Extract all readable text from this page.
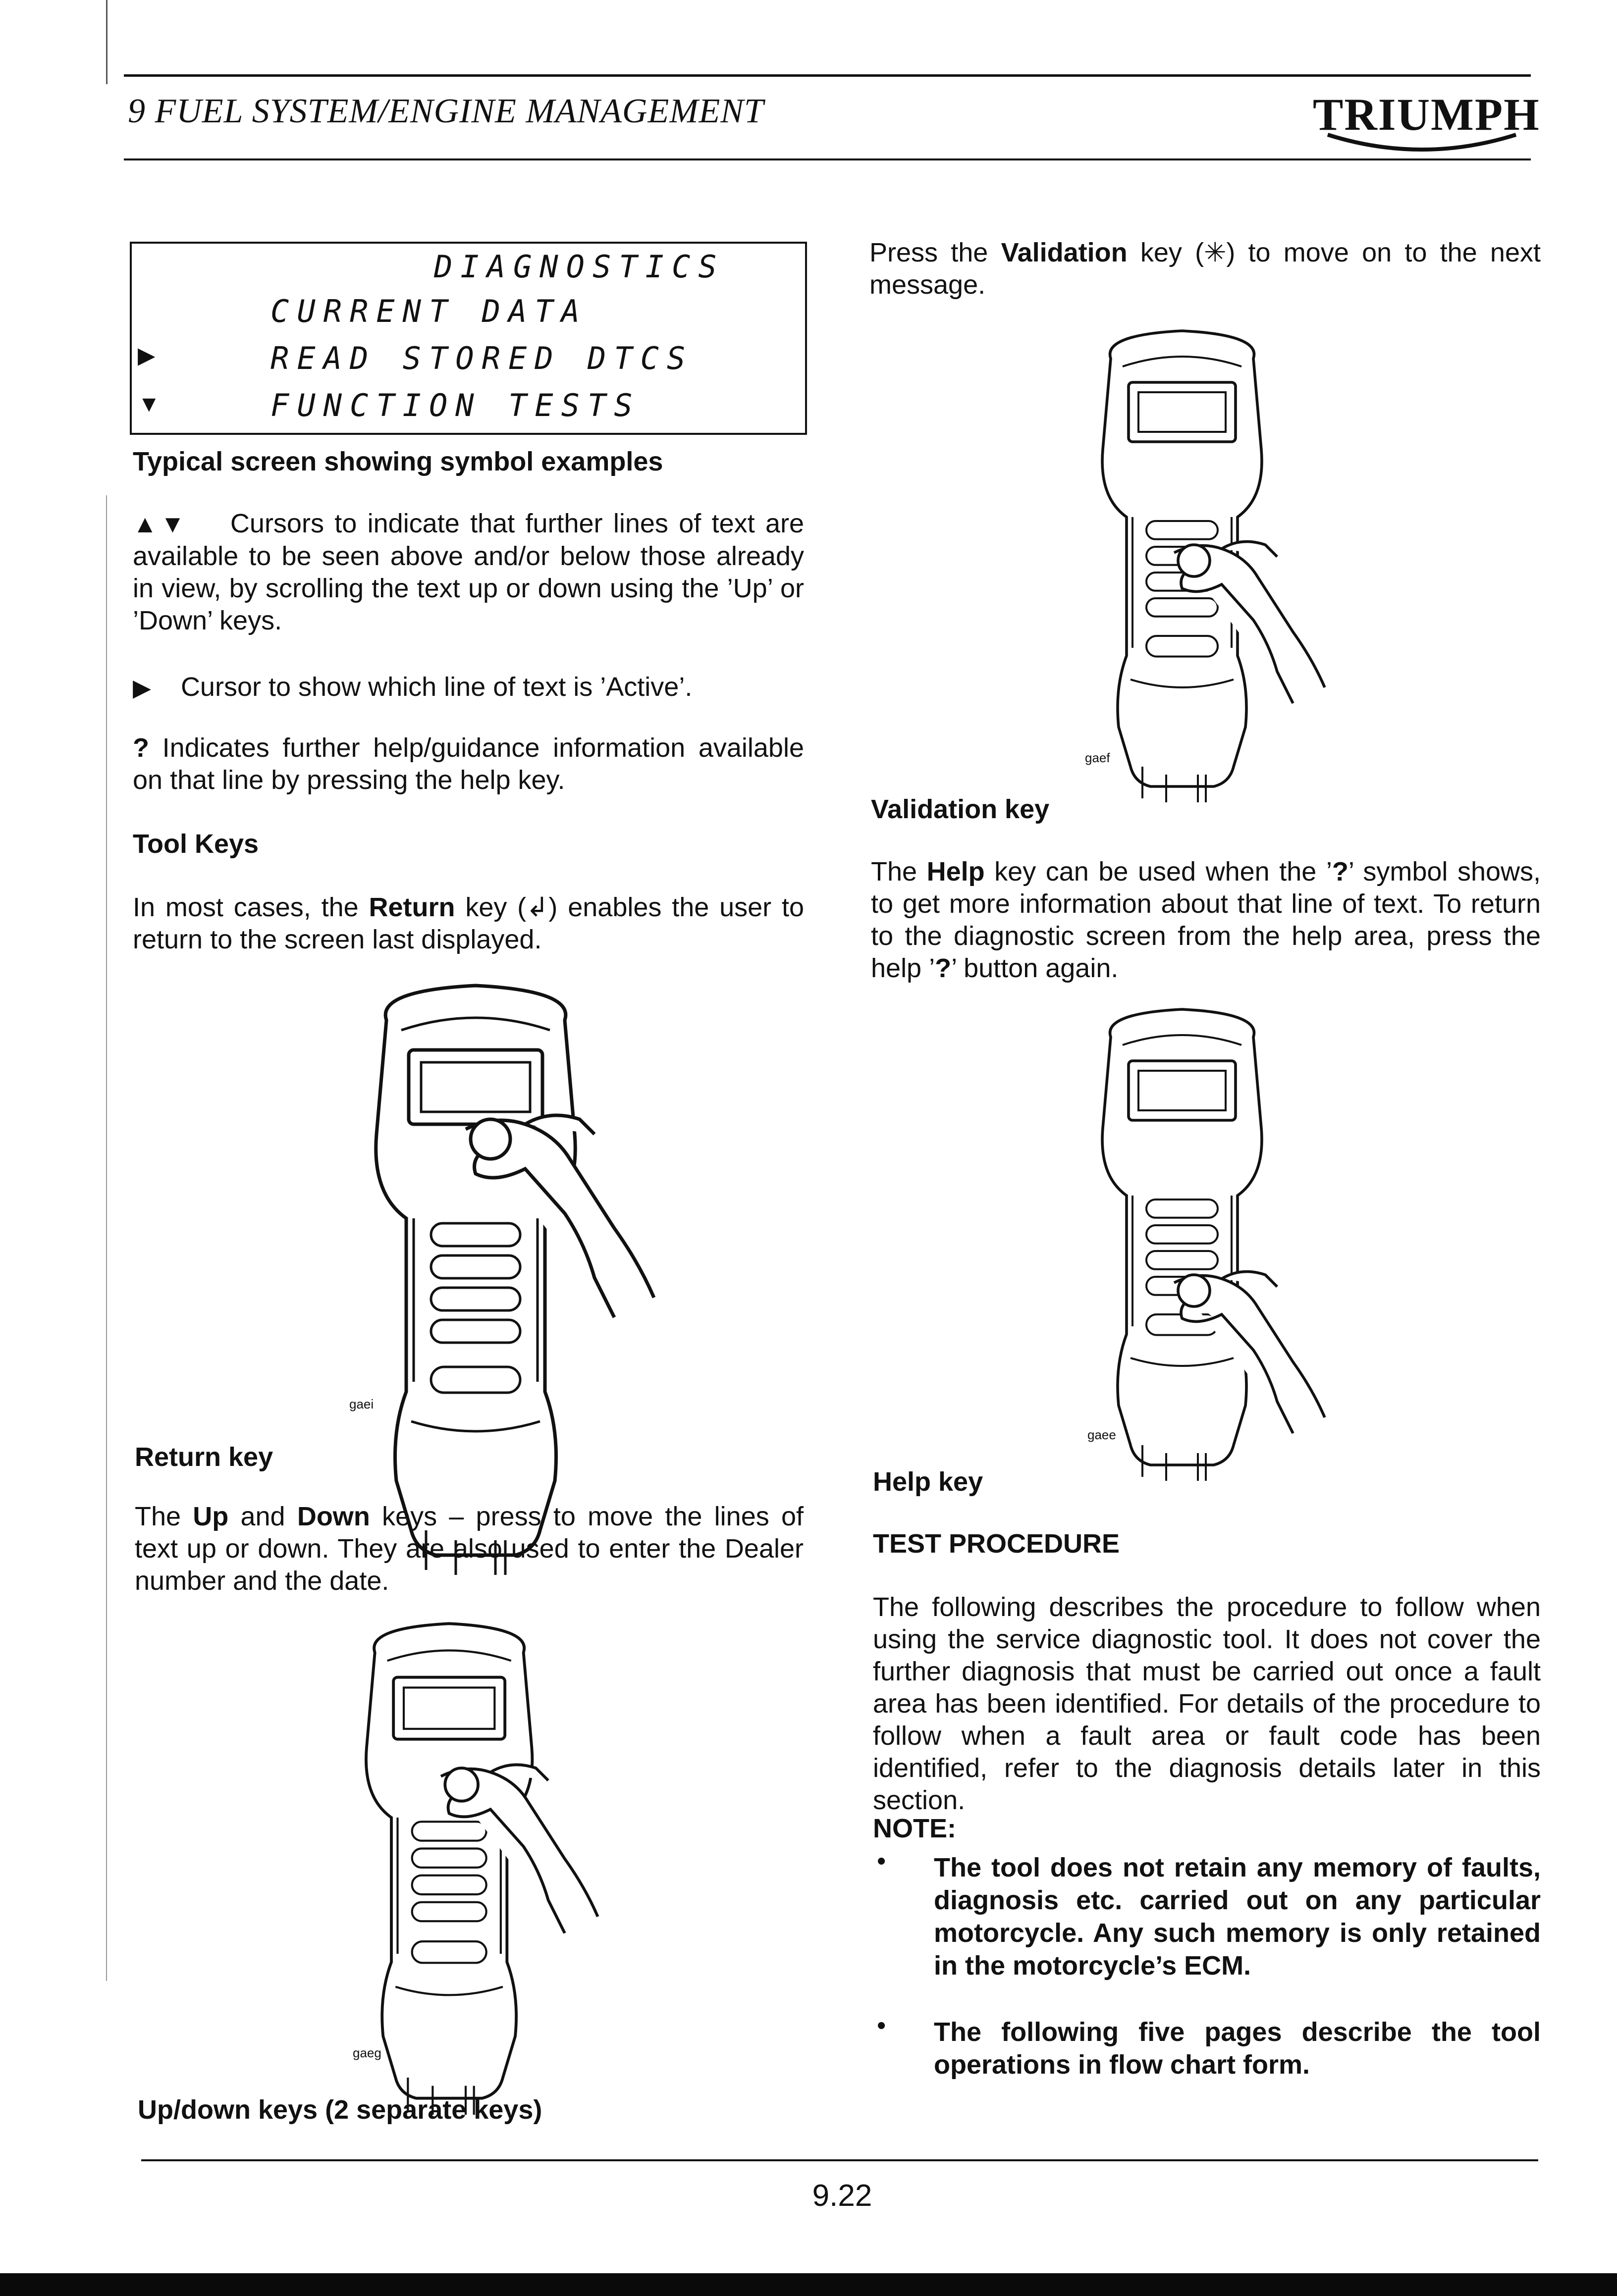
9 FUEL SYSTEM/ENGINE MANAGEMENT	TRIUMPH
DIAGNOSTICS
CURRENT DATA
READ STORED DTCS
FUNCTION TESTS
▶
▼
Typical screen showing symbol examples
▲▼ Cursors to indicate that further lines of text are available to be seen above and/or below those already in view, by scrolling the text up or down using the ’Up’ or ’Down’ keys.
▶ Cursor to show which line of text is ’Active’.
? Indicates further help/guidance information available on that line by pressing the help key.
Tool Keys
In most cases, the Return key (↲) enables the user to return to the screen last displayed.
gaei
Return key
The Up and Down keys – press to move the lines of text up or down. They are also used to enter the Dealer number and the date.
gaeg
Up/down keys (2 separate keys)
Press the Validation key (✳) to move on to the next message.
gaef
Validation key
The Help key can be used when the ’?’ symbol shows, to get more information about that line of text. To return to the diagnostic screen from the help area, press the help ’?’ button again.
gaee
Help key
TEST PROCEDURE
The following describes the procedure to follow when using the service diagnostic tool. It does not cover the further diagnosis that must be carried out once a fault area has been identified. For details of the procedure to follow when a fault area or fault code has been identified, refer to the diagnosis details later in this section.
NOTE:
• The tool does not retain any memory of faults, diagnosis etc. carried out on any particular motorcycle. Any such memory is only retained in the motorcycle’s ECM.
• The following five pages describe the tool operations in flow chart form.
9.22
